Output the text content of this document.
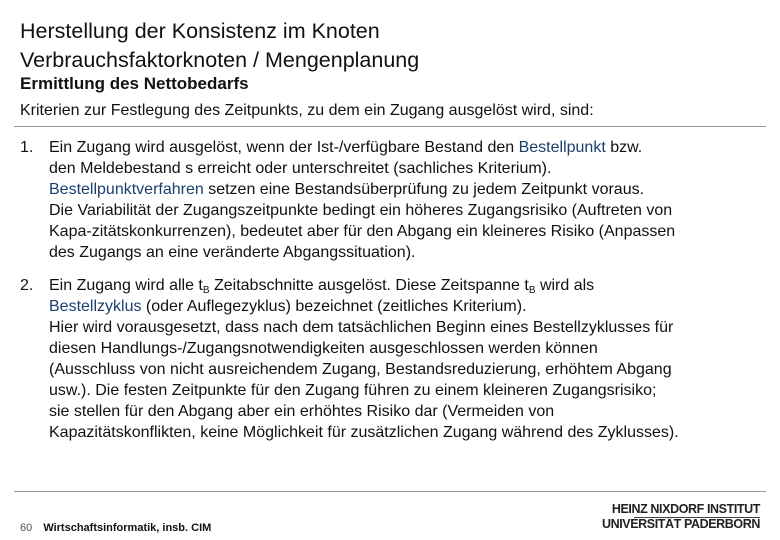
Herstellung der Konsistenz im Knoten
Verbrauchsfaktorknoten / Mengenplanung
Ermittlung des Nettobedarfs
Kriterien zur Festlegung des Zeitpunkts, zu dem ein Zugang ausgelöst wird, sind:
1. Ein Zugang wird ausgelöst, wenn der Ist-/verfügbare Bestand den Bestellpunkt bzw.
den Meldebestand s erreicht oder unterschreitet (sachliches Kriterium).
Bestellpunktverfahren setzen eine Bestandsüberprüfung zu jedem Zeitpunkt voraus.
Die Variabilität der Zugangszeitpunkte bedingt ein höheres Zugangsrisiko (Auftreten von
Kapa-zitätskonkurrenzen), bedeutet aber für den Abgang ein kleineres Risiko (Anpassen
des Zugangs an eine veränderte Abgangssituation).
2. Ein Zugang wird alle $t_B$ Zeitabschnitte ausgelöst. Diese Zeitspanne $t_B$ wird als
Bestellzyklus (oder Auflegezyklus) bezeichnet (zeitliches Kriterium).
Hier wird vorausgesetzt, dass nach dem tatsächlichen Beginn eines Bestellzyklusses für
diesen Handlungs-/Zugangsnotwendigkeiten ausgeschlossen werden können
(Ausschluss von nicht ausreichendem Zugang, Bestandsreduzierung, erhöhtem Abgang
usw.). Die festen Zeitpunkte für den Zugang führen zu einem kleineren Zugangsrisiko;
sie stellen für den Abgang aber ein erhöhtes Risiko dar (Vermeiden von
Kapazitätskonflikten, keine Möglichkeit für zusätzlichen Zugang während des Zyklusses).
60 Wirtschaftsinformatik, insb. CIM
HEINZ NIXDORF INSTITUT
UNIVERSITÄT PADERBORN
